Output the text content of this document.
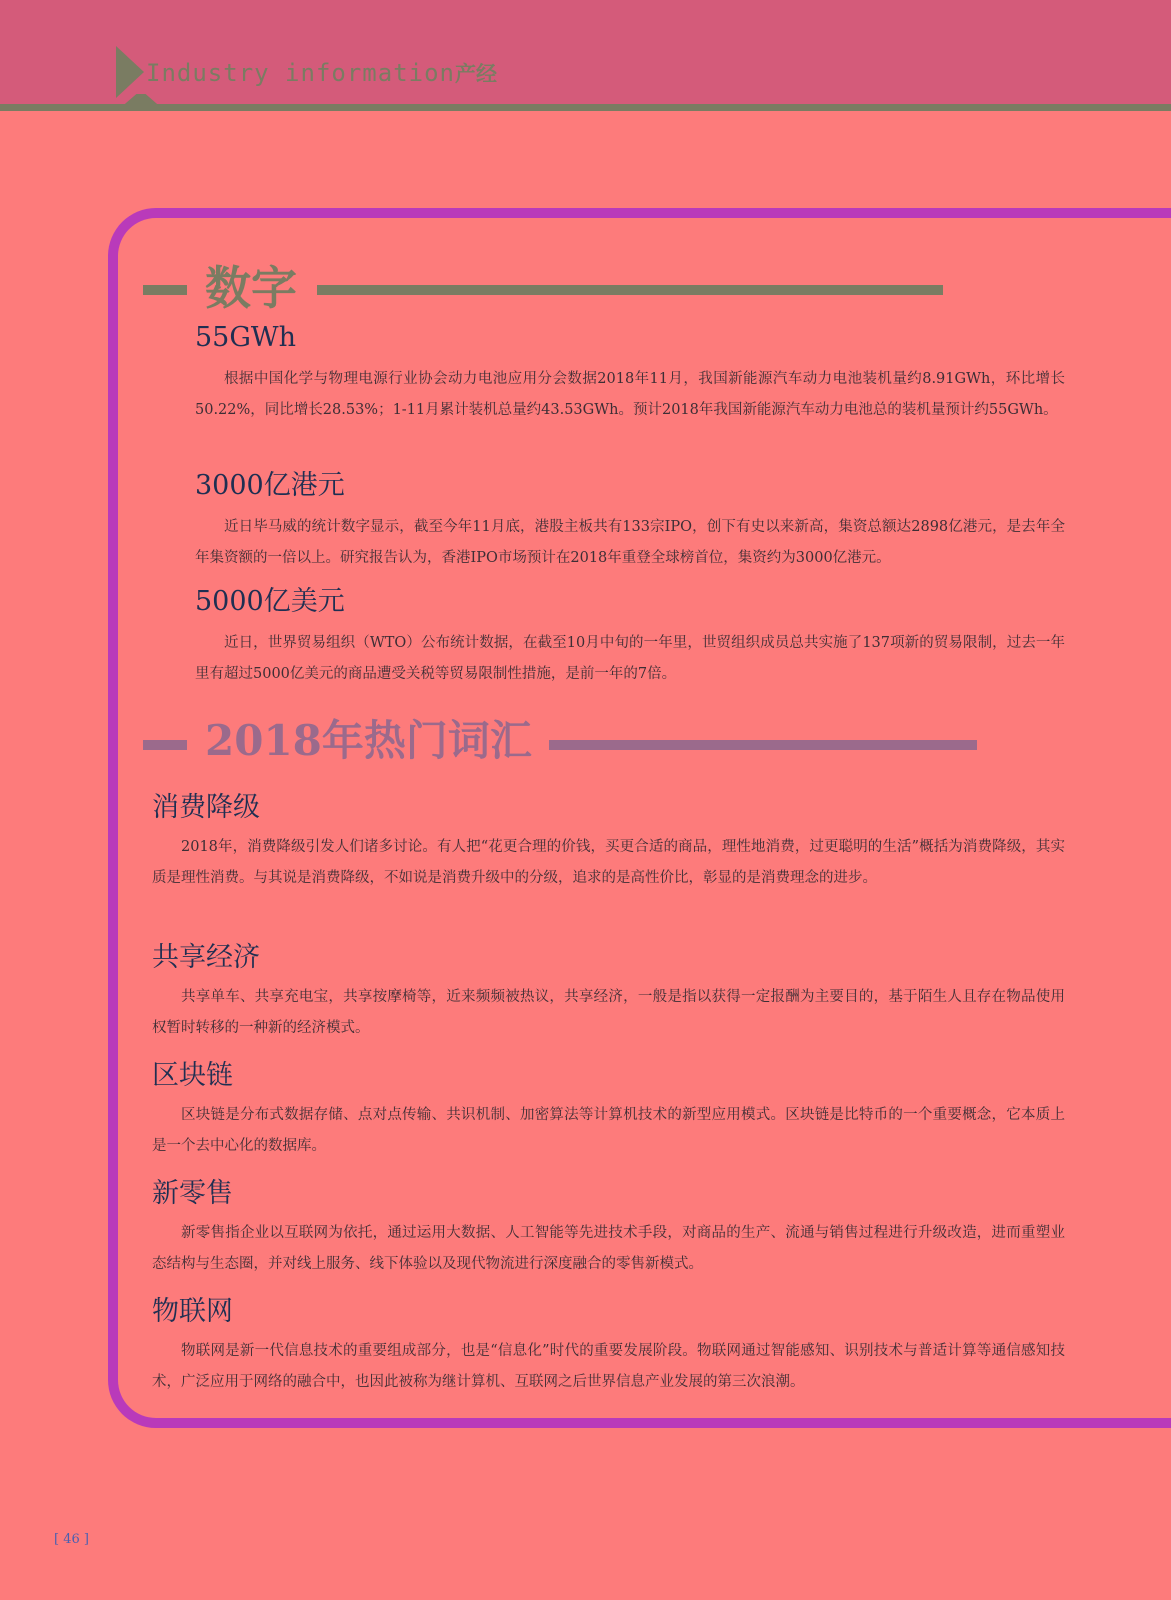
Industry information产经
数字
55GWh

根据中国化学与物理电源行业协会动力电池应用分会数据2018年11月，我国新能源汽车动力电池装机量约8.91GWh，环比增长50.22%，同比增长28.53%；1-11月累计装机总量约43.53GWh。预计2018年我国新能源汽车动力电池总的装机量预计约55GWh。

3000亿港元

近日毕马威的统计数字显示，截至今年11月底，港股主板共有133宗IPO，创下有史以来新高，集资总额达2898亿港元，是去年全年集资额的一倍以上。研究报告认为，香港IPO市场预计在2018年重登全球榜首位，集资约为3000亿港元。

5000亿美元

近日，世界贸易组织（WTO）公布统计数据，在截至10月中旬的一年里，世贸组织成员总共实施了137项新的贸易限制，过去一年里有超过5000亿美元的商品遭受关税等贸易限制性措施，是前一年的7倍。

2018年热门词汇
消费降级

2018年，消费降级引发人们诸多讨论。有人把“花更合理的价钱，买更合适的商品，理性地消费，过更聪明的生活”概括为消费降级，其实质是理性消费。与其说是消费降级，不如说是消费升级中的分级，追求的是高性价比，彰显的是消费理念的进步。

共享经济

共享单车、共享充电宝，共享按摩椅等，近来频频被热议，共享经济，一般是指以获得一定报酬为主要目的，基于陌生人且存在物品使用权暂时转移的一种新的经济模式。

区块链

区块链是分布式数据存储、点对点传输、共识机制、加密算法等计算机技术的新型应用模式。区块链是比特币的一个重要概念，它本质上是一个去中心化的数据库。

新零售

新零售指企业以互联网为依托，通过运用大数据、人工智能等先进技术手段，对商品的生产、流通与销售过程进行升级改造，进而重塑业态结构与生态圈，并对线上服务、线下体验以及现代物流进行深度融合的零售新模式。

物联网

物联网是新一代信息技术的重要组成部分，也是“信息化”时代的重要发展阶段。物联网通过智能感知、识别技术与普适计算等通信感知技术，广泛应用于网络的融合中，也因此被称为继计算机、互联网之后世界信息产业发展的第三次浪潮。

[ 46 ]
